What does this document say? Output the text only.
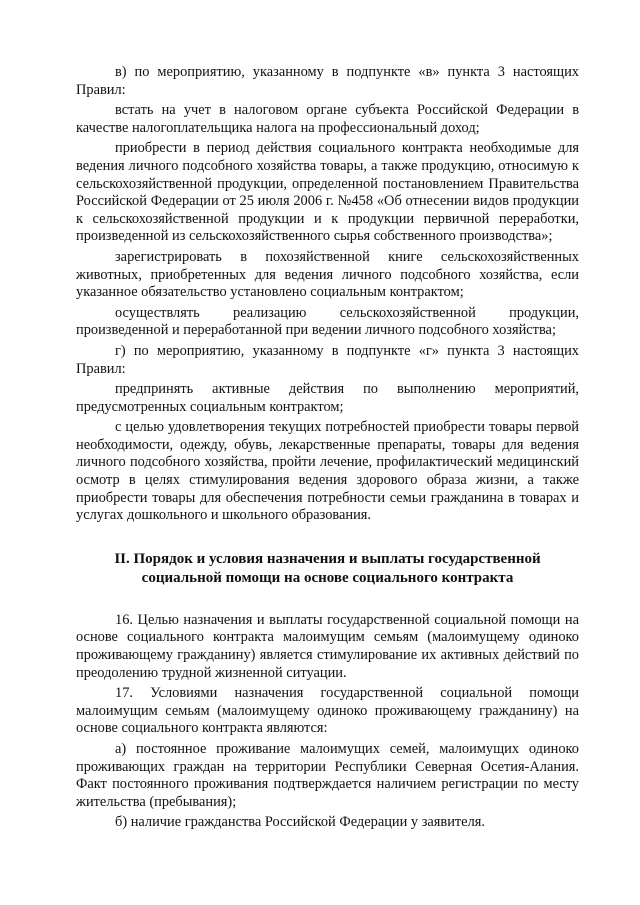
в) по мероприятию, указанному в подпункте «в» пункта 3 настоящих Правил:

встать на учет в налоговом органе субъекта Российской Федерации в качестве налогоплательщика налога на профессиональный доход;

приобрести в период действия социального контракта необходимые для ведения личного подсобного хозяйства товары, а также продукцию, относимую к сельскохозяйственной продукции, определенной постановлением Правительства Российской Федерации от 25 июля 2006 г. №458 «Об отнесении видов продукции к сельскохозяйственной продукции и к продукции первичной переработки, произведенной из сельскохозяйственного сырья собственного производства»;

зарегистрировать в похозяйственной книге сельскохозяйственных животных, приобретенных для ведения личного подсобного хозяйства, если указанное обязательство установлено социальным контрактом;

осуществлять реализацию сельскохозяйственной продукции, произведенной и переработанной при ведении личного подсобного хозяйства;

г) по мероприятию, указанному в подпункте «г» пункта 3 настоящих Правил:

предпринять активные действия по выполнению мероприятий, предусмотренных социальным контрактом;

с целью удовлетворения текущих потребностей приобрести товары первой необходимости, одежду, обувь, лекарственные препараты, товары для ведения личного подсобного хозяйства, пройти лечение, профилактический медицинский осмотр в целях стимулирования ведения здорового образа жизни, а также приобрести товары для обеспечения потребности семьи гражданина в товарах и услугах дошкольного и школьного образования.

II. Порядок и условия назначения и выплаты государственной
социальной помощи на основе социального контракта

16. Целью назначения и выплаты государственной социальной помощи на основе социального контракта малоимущим семьям (малоимущему одиноко проживающему гражданину) является стимулирование их активных действий по преодолению трудной жизненной ситуации.

17. Условиями назначения государственной социальной помощи малоимущим семьям (малоимущему одиноко проживающему гражданину) на основе социального контракта являются:

а) постоянное проживание малоимущих семей, малоимущих одиноко проживающих граждан на территории Республики Северная Осетия-Алания. Факт постоянного проживания подтверждается наличием регистрации по месту жительства (пребывания);

б) наличие гражданства Российской Федерации у заявителя.
